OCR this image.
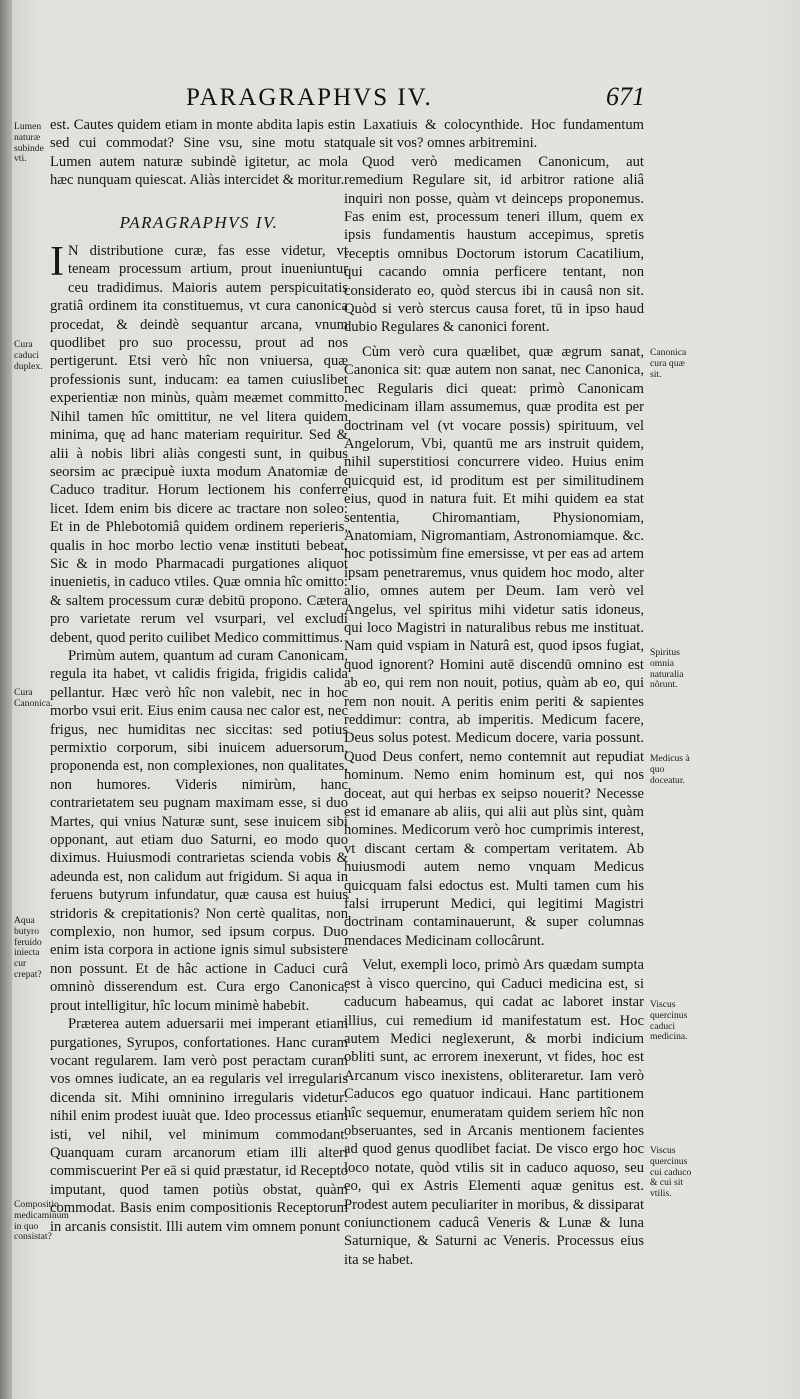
PARAGRAPHVS IV.	671

est. Cautes quidem etiam in monte abdita lapis est: sed cui commodat? Sine vsu, sine motu stat. Lumen autem naturæ subindè igitetur, ac mola hæc nunquam quiescat. Aliàs intercidet & moritur.

PARAGRAPHVS IV.

I N distributione curæ, fas esse videtur, vt teneam processum artium, prout inueniuntur ceu tradidimus. Maioris autem perspicuitatis gratiâ ordinem ita constituemus, vt cura canonica procedat, & deindè sequantur arcana, vnum quodlibet pro suo processu, prout ad nos pertigerunt. Etsi verò hîc non vniuersa, quæ professionis sunt, inducam: ea tamen cuiuslibet experientiæ non minùs, quàm meæmet committo. Nihil tamen hîc omittitur, ne vel litera quidem minima, quę ad hanc materiam requiritur. Sed & alii à nobis libri aliàs congesti sunt, in quibus seorsim ac præcipuè iuxta modum Anatomiæ de Caduco traditur. Horum lectionem his conferre licet. Idem enim bis dicere ac tractare non soleo: Et in de Phlebotomiâ quidem ordinem reperieris, qualis in hoc morbo lectio venæ instituti bebeat, Sic & in modo Pharmacadi purgationes aliquot inuenietis, in caduco vtiles. Quæ omnia hîc omitto: & saltem processum curæ debitū propono. Cætera pro varietate rerum vel vsurpari, vel excludi debent, quod perito cuilibet Medico committimus.

Primùm autem, quantum ad curam Canonicam, regula ita habet, vt calidis frigida, frigidis calida pellantur. Hæc verò hîc non valebit, nec in hoc morbo vsui erit. Eius enim causa nec calor est, nec frigus, nec humiditas nec siccitas: sed potius permixtio corporum, sibi inuicem aduersorum, proponenda est, non complexiones, non qualitates, non humores. Videris nimirùm, hanc contrarietatem seu pugnam maximam esse, si duo Martes, qui vnius Naturæ sunt, sese inuicem sibi opponant, aut etiam duo Saturni, eo modo quo diximus. Huiusmodi contrarietas scienda vobis & adeunda est, non calidum aut frigidum. Si aqua in feruens butyrum infundatur, quæ causa est huius stridoris & crepitationis? Non certè qualitas, non complexio, non humor, sed ipsum corpus. Duo enim ista corpora in actione ignis simul subsistere non possunt. Et de hâc actione in Caduci curâ omninò disserendum est. Cura ergo Canonica, prout intelligitur, hîc locum minimè habebit.

Præterea autem aduersarii mei imperant etiam purgationes, Syrupos, confortationes. Hanc curam vocant regularem. Iam verò post peractam curam vos omnes iudicate, an ea regularis vel irregularis dicenda sit. Mihi omninino irregularis videtur: nihil enim prodest iuuàt que. Ideo processus etiam isti, vel nihil, vel minimum commodant. Quanquam curam arcanorum etiam illi alteri commiscuerint Per eā si quid præstatur, id Recepto imputant, quod tamen potiùs obstat, quàm commodat. Basis enim compositionis Receptorum in arcanis consistit. Illi autem vim omnem ponunt

in Laxatiuis & colocynthide. Hoc fundamentum quale sit vos? omnes arbitremini.

Quod verò medicamen Canonicum, aut remedium Regulare sit, id arbitror ratione aliâ inquiri non posse, quàm vt deinceps proponemus. Fas enim est, processum teneri illum, quem ex ipsis fundamentis haustum accepimus, spretis receptis omnibus Doctorum istorum Cacatilium, qui cacando omnia perficere tentant, non considerato eo, quòd stercus ibi in causâ non sit. Quòd si verò stercus causa foret, tū in ipso haud dubio Regulares & canonici forent.

Cùm verò cura quælibet, quæ ægrum sanat, Canonica sit: quæ autem non sanat, nec Canonica, nec Regularis dici queat: primò Canonicam medicinam illam assumemus, quæ prodita est per doctrinam vel (vt vocare possis) spirituum, vel Angelorum, Vbi, quantū me ars instruit quidem, nihil superstitiosi concurrere video. Huius enim quicquid est, id proditum est per similitudinem eius, quod in natura fuit. Et mihi quidem ea stat sententia, Chiromantiam, Physionomiam, Anatomiam, Nigromantiam, Astronomiamque. &c. hoc potissimùm fine emersisse, vt per eas ad artem ipsam penetraremus, vnus quidem hoc modo, alter alio, omnes autem per Deum. Iam verò vel Angelus, vel spiritus mihi videtur satis idoneus, qui loco Magistri in naturalibus rebus me instituat. Nam quid vspiam in Naturâ est, quod ipsos fugiat, quod ignorent? Homini autē discendū omnino est ab eo, qui rem non nouit, potius, quàm ab eo, qui rem non nouit. A peritis enim periti & sapientes reddimur: contra, ab imperitis. Medicum facere, Deus solus potest. Medicum docere, varia possunt. Quod Deus confert, nemo contemnit aut repudiat hominum. Nemo enim hominum est, qui nos doceat, aut qui herbas ex seipso nouerit? Necesse est id emanare ab aliis, qui alii aut plùs sint, quàm homines. Medicorum verò hoc cumprimis interest, vt discant certam & compertam veritatem. Ab huiusmodi autem nemo vnquam Medicus quicquam falsi edoctus est. Multi tamen cum his falsi irruperunt Medici, qui legitimi Magistri doctrinam contaminauerunt, & super columnas mendaces Medicinam collocârunt.

Velut, exempli loco, primò Ars quædam sumpta est à visco quercino, qui Caduci medicina est, si caducum habeamus, qui cadat ac laboret instar illius, cui remedium id manifestatum est. Hoc autem Medici neglexerunt, & morbi indicium obliti sunt, ac errorem inexerunt, vt fides, hoc est Arcanum visco inexistens, obliteraretur. Iam verò Caducos ego quatuor indicaui. Hanc partitionem hîc sequemur, enumeratam quidem seriem hîc non obseruantes, sed in Arcanis mentionem facientes ad quod genus quodlibet faciat. De visco ergo hoc loco notate, quòd vtilis sit in caduco aquoso, seu eo, qui ex Astris Elementi aquæ genitus est. Prodest autem peculiariter in moribus, & dissiparat coniunctionem caducâ Veneris & Lunæ & luna Saturnique, & Saturni ac Veneris. Processus eius ita se habet.

Lumen naturæ subinde vti.
Cura caduci duplex.
Cura Canonica.
Aqua butyro feruido iniecta cur crepat?
Compositio medicaminum in quo consistat?
Canonica cura quæ sit.
Spiritus omnia naturalia nôrunt.
Medicus à quo doceatur.
Viscus quercinus caduci medicina.
Viscus quercinus cui caduco & cui sit vtilis.
